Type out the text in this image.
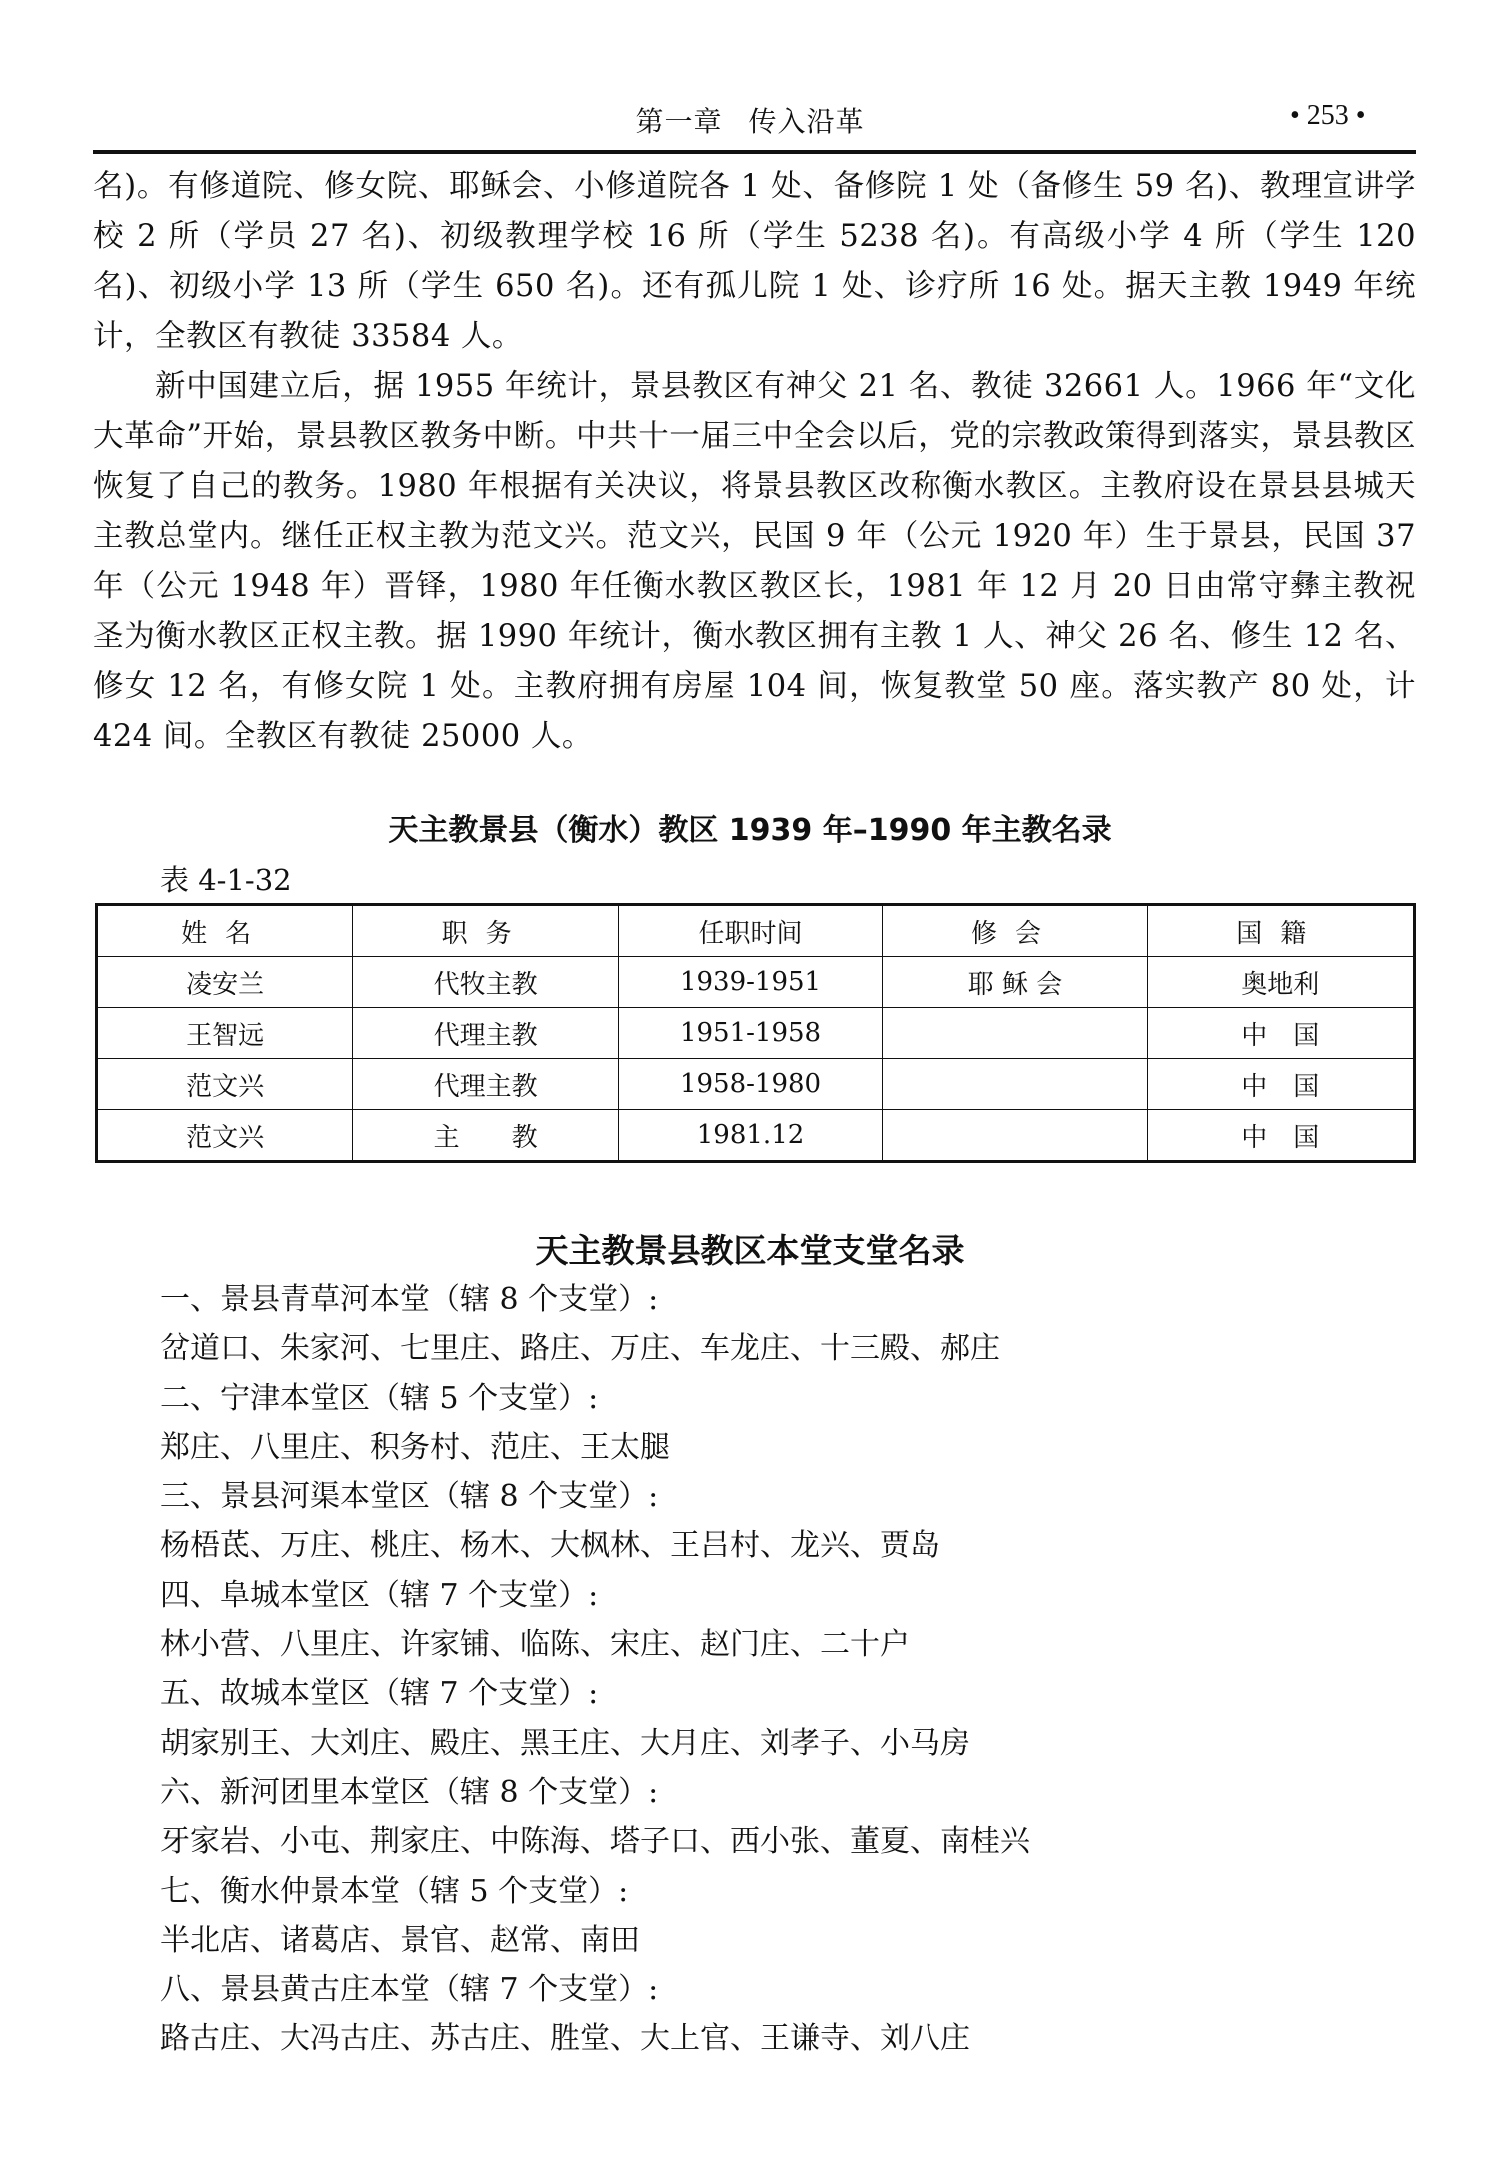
第一章 传入沿革	• 253 •
名)。有修道院、修女院、耶稣会、小修道院各 1 处、备修院 1 处（备修生 59 名)、教理宣讲学校 2 所（学员 27 名)、初级教理学校 16 所（学生 5238 名)。有高级小学 4 所（学生 120 名)、初级小学 13 所（学生 650 名)。还有孤儿院 1 处、诊疗所 16 处。据天主教 1949 年统计，全教区有教徒 33584 人。
新中国建立后，据 1955 年统计，景县教区有神父 21 名、教徒 32661 人。1966 年“文化大革命”开始，景县教区教务中断。中共十一届三中全会以后，党的宗教政策得到落实，景县教区恢复了自己的教务。1980 年根据有关决议，将景县教区改称衡水教区。主教府设在景县县城天主教总堂内。继任正权主教为范文兴。范文兴，民国 9 年（公元 1920 年）生于景县，民国 37 年（公元 1948 年）晋铎，1980 年任衡水教区教区长，1981 年 12 月 20 日由常守彝主教祝圣为衡水教区正权主教。据 1990 年统计，衡水教区拥有主教 1 人、神父 26 名、修生 12 名、修女 12 名，有修女院 1 处。主教府拥有房屋 104 间，恢复教堂 50 座。落实教产 80 处，计 424 间。全教区有教徒 25000 人。
天主教景县（衡水）教区 1939 年–1990 年主教名录
表 4-1-32
姓名	职务	任职时间	修会	国籍
凌安兰	代牧主教	1939-1951	耶 稣 会	奥地利
王智远	代理主教	1951-1958		中　国
范文兴	代理主教	1958-1980		中　国
范文兴	主　　教	1981.12		中　国
天主教景县教区本堂支堂名录
一、景县青草河本堂（辖 8 个支堂）:
岔道口、朱家河、七里庄、路庄、万庄、车龙庄、十三殿、郝庄
二、宁津本堂区（辖 5 个支堂）:
郑庄、八里庄、积务村、范庄、王太腿
三、景县河渠本堂区（辖 8 个支堂）:
杨梧茋、万庄、桃庄、杨木、大枫林、王吕村、龙兴、贾岛
四、阜城本堂区（辖 7 个支堂）:
林小营、八里庄、许家铺、临陈、宋庄、赵门庄、二十户
五、故城本堂区（辖 7 个支堂）:
胡家别王、大刘庄、殿庄、黑王庄、大月庄、刘孝子、小马房
六、新河团里本堂区（辖 8 个支堂）:
牙家岩、小屯、荆家庄、中陈海、塔子口、西小张、董夏、南桂兴
七、衡水仲景本堂（辖 5 个支堂）:
半北店、诸葛店、景官、赵常、南田
八、景县黄古庄本堂（辖 7 个支堂）:
路古庄、大冯古庄、苏古庄、胜堂、大上官、王谦寺、刘八庄
